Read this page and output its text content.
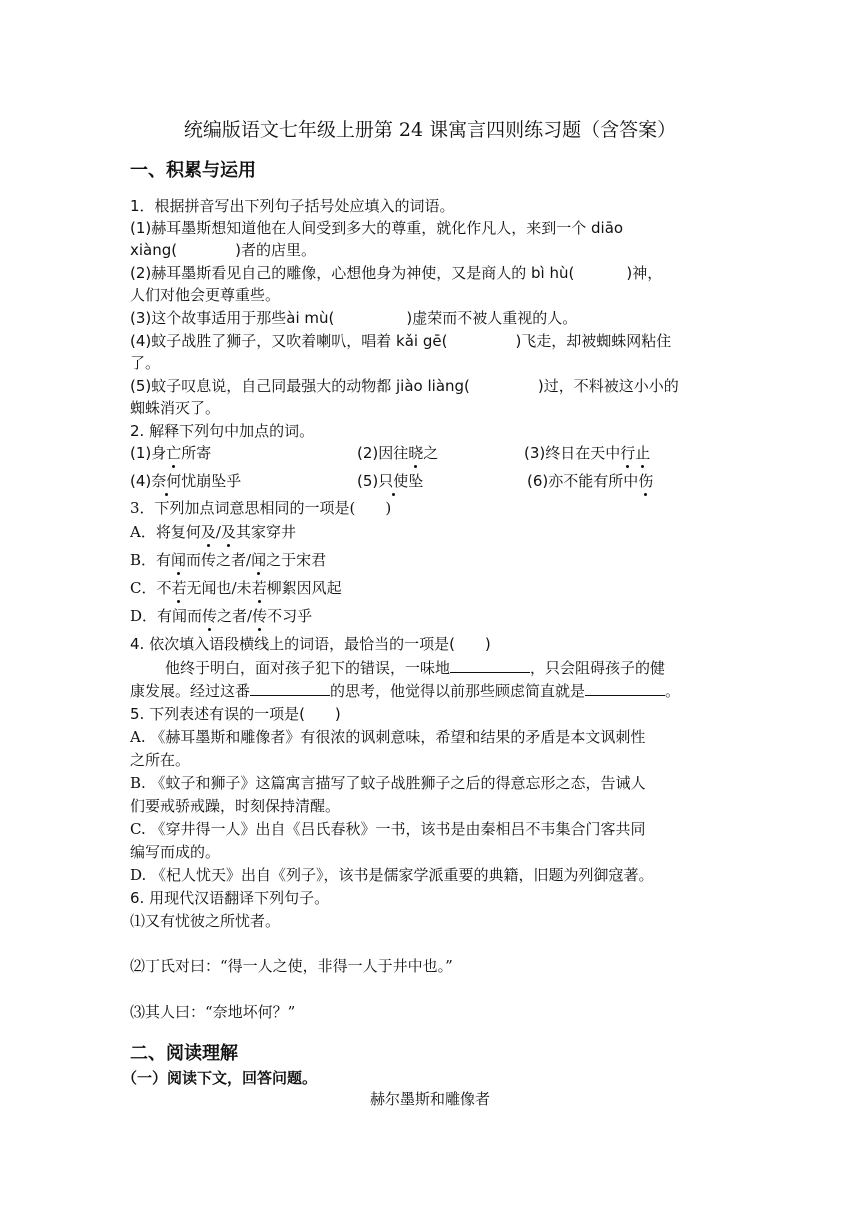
统编版语文七年级上册第 24 课寓言四则练习题（含答案）
一、积累与运用
1．根据拼音写出下列句子括号处应填入的词语。
(1)赫耳墨斯想知道他在人间受到多大的尊重，就化作凡人，来到一个 diāo
xiàng(	)者的店里。
(2)赫耳墨斯看见自己的雕像，心想他身为神使，又是商人的 bì hù(	)神，
人们对他会更尊重些。
(3)这个故事适用于那些ài mù(	)虚荣而不被人重视的人。
(4)蚊子战胜了狮子，又吹着喇叭，唱着 kǎi gē(	)飞走，却被蜘蛛网粘住
了。
(5)蚊子叹息说，自己同最强大的动物都 jiào liàng(	)过，不料被这小小的
蜘蛛消灭了。
2. 解释下列句中加点的词。
(1)身亡所寄	(2)因往晓之	(3)终日在天中行止
(4)奈何忧崩坠乎	(5)只使坠	(6)亦不能有所中伤
3．下列加点词意思相同的一项是(　　)
A．将复何及/及其家穿井
B．有闻而传之者/闻之于宋君
C．不若无闻也/未若柳絮因风起
D．有闻而传之者/传不习乎
4. 依次填入语段横线上的词语，最恰当的一项是(　　)
他终于明白，面对孩子犯下的错误，一味地	，只会阻碍孩子的健
康发展。经过这番	的思考，他觉得以前那些顾虑简直就是	。
5. 下列表述有误的一项是(　　)
A. 《赫耳墨斯和雕像者》有很浓的讽刺意味，希望和结果的矛盾是本文讽刺性
之所在。
B. 《蚊子和狮子》这篇寓言描写了蚊子战胜狮子之后的得意忘形之态，告诫人
们要戒骄戒躁，时刻保持清醒。
C. 《穿井得一人》出自《吕氏春秋》一书，该书是由秦相吕不韦集合门客共同
编写而成的。
D. 《杞人忧天》出自《列子》，该书是儒家学派重要的典籍，旧题为列御寇著。
6. 用现代汉语翻译下列句子。
⑴又有忧彼之所忧者。
⑵丁氏对曰：“得一人之使，非得一人于井中也。”
⑶其人曰：“奈地坏何？”
二、阅读理解
（一）阅读下文，回答问题。
赫尔墨斯和雕像者
